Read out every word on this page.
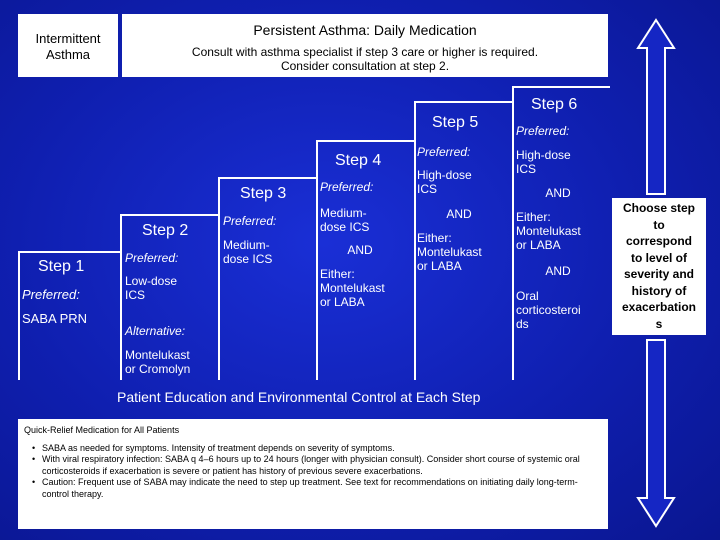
Intermittent
Asthma
Persistent Asthma: Daily Medication
Consult with asthma specialist if step 3 care or higher is required.
Consider consultation at step 2.
Step 1
Preferred:
SABA PRN
Step 2
Preferred:
Low-dose
ICS
Alternative:
Montelukast
or Cromolyn
Step 3
Preferred:
Medium-
dose ICS
Step 4
Preferred:
Medium-
dose ICS
AND
Either:
Montelukast
or LABA
Step 5
Preferred:
High-dose
ICS
AND
Either:
Montelukast
or LABA
Step 6
Preferred:
High-dose
ICS
AND
Either:
Montelukast
or LABA
AND
Oral
corticosteroi
ds
Patient Education and Environmental Control at Each Step
Quick-Relief Medication for All Patients
• SABA as needed for symptoms. Intensity of treatment depends on severity of symptoms.
• With viral respiratory infection: SABA q 4–6 hours up to 24 hours (longer with physician consult). Consider short course of systemic oral corticosteroids if exacerbation is severe or patient has history of previous severe exacerbations.
• Caution: Frequent use of SABA may indicate the need to step up treatment. See text for recommendations on initiating daily long-term-control therapy.
Choose step
to
correspond
to level of
severity and
history of
exacerbation
s
